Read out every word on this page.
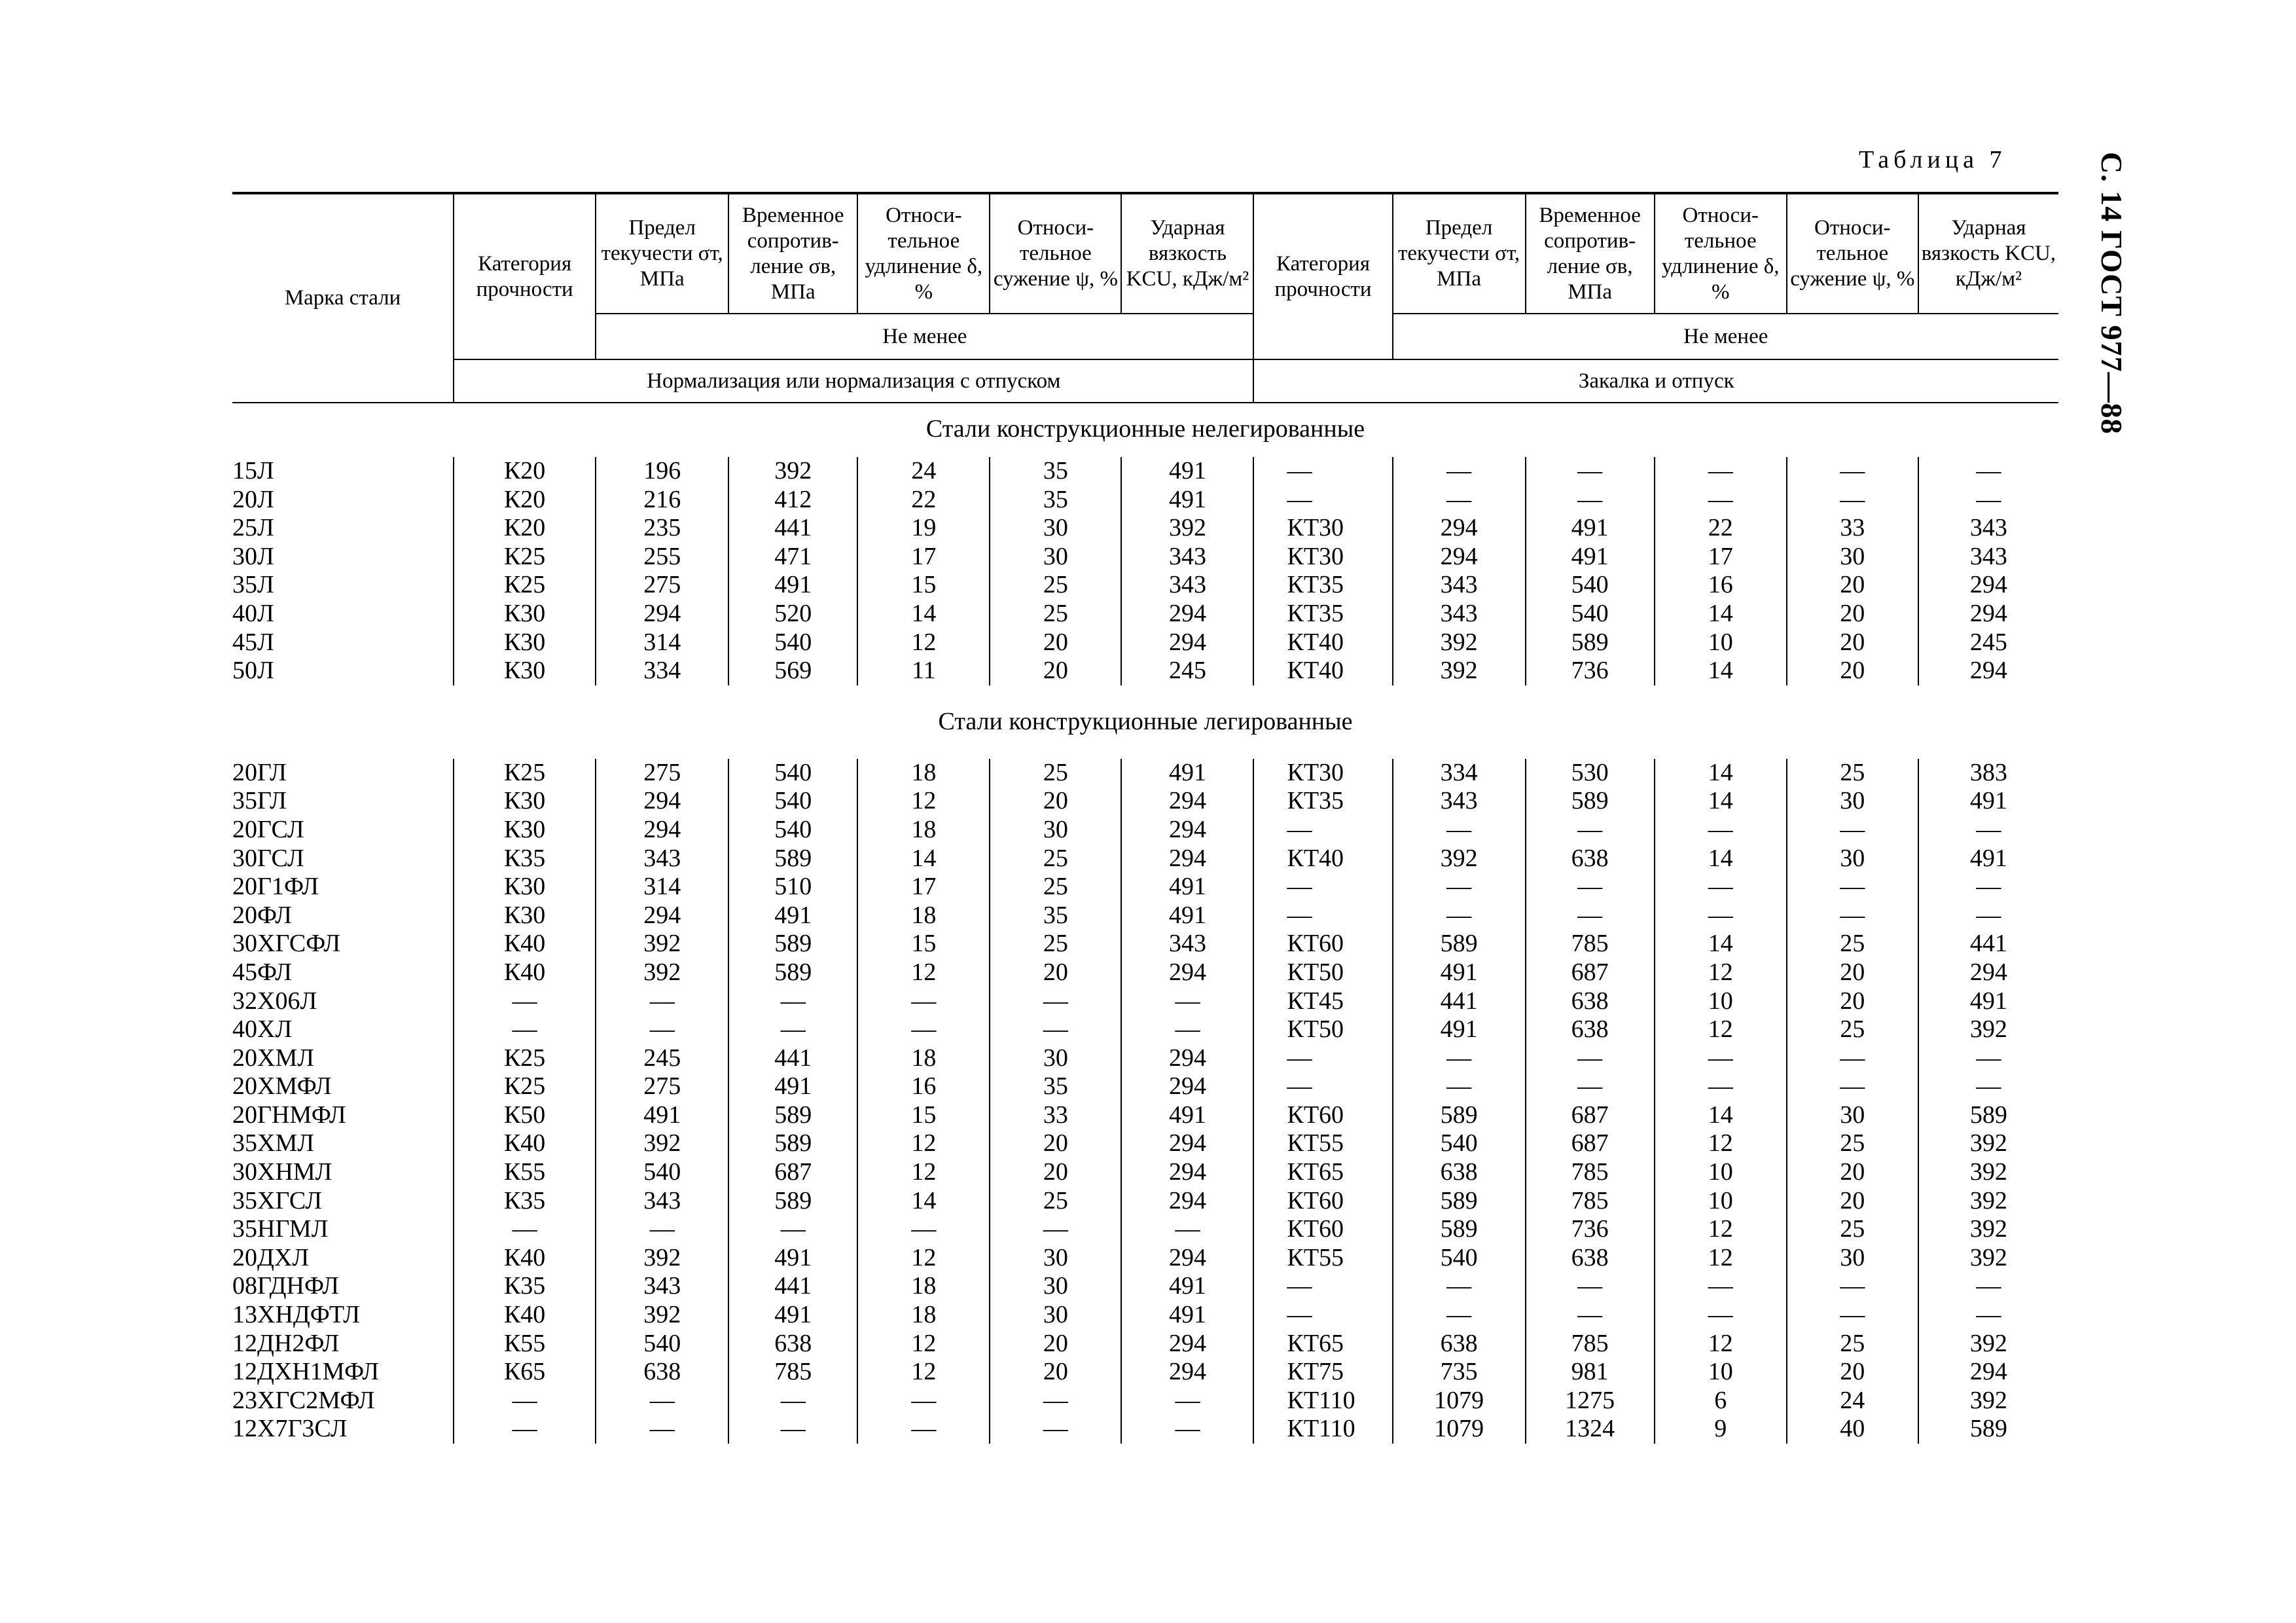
Таблица 7	С. 14 ГОСТ 977—88
Марка стали	Категория прочности	Предел текучести σт, МПа	Временное сопротив-ление σв, МПа	Относи-тельное удлинение δ, %	Относи-тельное сужение ψ, %	Ударная вязкость KCU, кДж/м²	Категория прочности	Предел текучести σт, МПа	Временное сопротив-ление σв, МПа	Относи-тельное удлинение δ, %	Относи-тельное сужение ψ, %	Ударная вязкость KCU, кДж/м²
		Не менее						Не менее				
	Нормализация или нормализация с отпуском						Закалка и отпуск					

Стали конструкционные нелегированные												

15Л	К20	196	392	24	35	491	—	—	—	—	—	—
20Л	К20	216	412	22	35	491	—	—	—	—	—	—
25Л	К20	235	441	19	30	392	КТ30	294	491	22	33	343
30Л	К25	255	471	17	30	343	КТ30	294	491	17	30	343
35Л	К25	275	491	15	25	343	КТ35	343	540	16	20	294
40Л	К30	294	520	14	25	294	КТ35	343	540	14	20	294
45Л	К30	314	540	12	20	294	КТ40	392	589	10	20	245
50Л	К30	334	569	11	20	245	КТ40	392	736	14	20	294

Стали конструкционные легированные												

20ГЛ	К25	275	540	18	25	491	КТ30	334	530	14	25	383
35ГЛ	К30	294	540	12	20	294	КТ35	343	589	14	30	491
20ГСЛ	К30	294	540	18	30	294	—	—	—	—	—	—
30ГСЛ	К35	343	589	14	25	294	КТ40	392	638	14	30	491
20Г1ФЛ	К30	314	510	17	25	491	—	—	—	—	—	—
20ФЛ	К30	294	491	18	35	491	—	—	—	—	—	—
30ХГСФЛ	К40	392	589	15	25	343	КТ60	589	785	14	25	441
45ФЛ	К40	392	589	12	20	294	КТ50	491	687	12	20	294
32Х06Л	—	—	—	—	—	—	КТ45	441	638	10	20	491
40ХЛ	—	—	—	—	—	—	КТ50	491	638	12	25	392
20ХМЛ	К25	245	441	18	30	294	—	—	—	—	—	—
20ХМФЛ	К25	275	491	16	35	294	—	—	—	—	—	—
20ГНМФЛ	К50	491	589	15	33	491	КТ60	589	687	14	30	589
35ХМЛ	К40	392	589	12	20	294	КТ55	540	687	12	25	392
30ХНМЛ	К55	540	687	12	20	294	КТ65	638	785	10	20	392
35ХГСЛ	К35	343	589	14	25	294	КТ60	589	785	10	20	392
35НГМЛ	—	—	—	—	—	—	КТ60	589	736	12	25	392
20ДХЛ	К40	392	491	12	30	294	КТ55	540	638	12	30	392
08ГДНФЛ	К35	343	441	18	30	491	—	—	—	—	—	—
13ХНДФТЛ	К40	392	491	18	30	491	—	—	—	—	—	—
12ДН2ФЛ	К55	540	638	12	20	294	КТ65	638	785	12	25	392
12ДХН1МФЛ	К65	638	785	12	20	294	КТ75	735	981	10	20	294
23ХГС2МФЛ	—	—	—	—	—	—	КТ110	1079	1275	6	24	392
12Х7Г3СЛ	—	—	—	—	—	—	КТ110	1079	1324	9	40	589
